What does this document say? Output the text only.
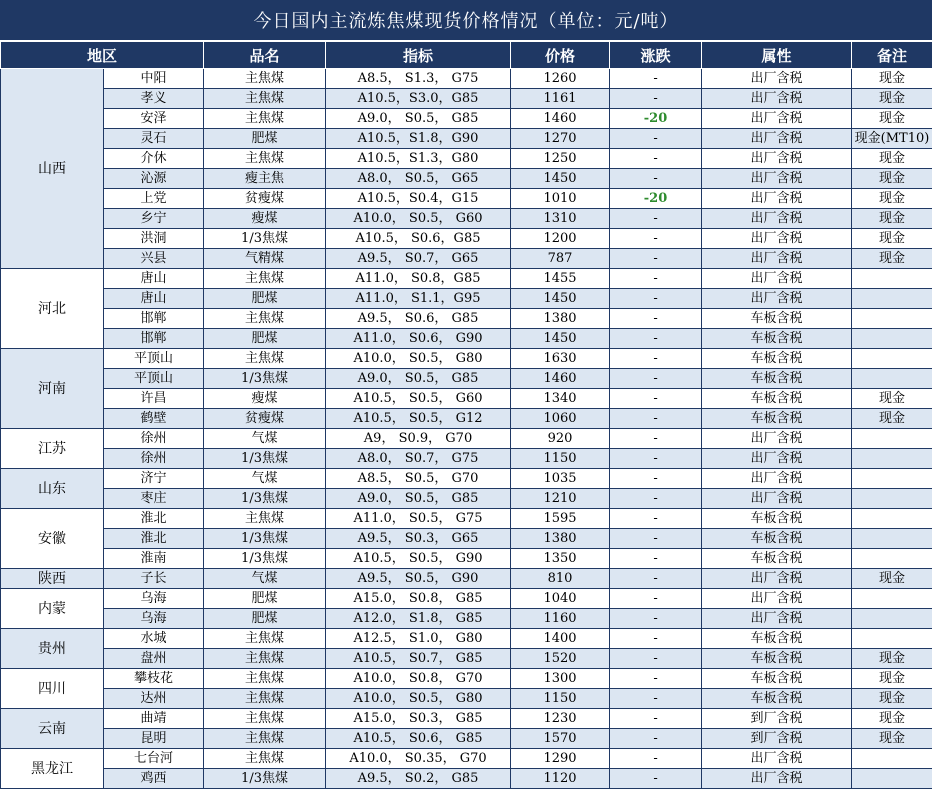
今日国内主流炼焦煤现货价格情况（单位：元/吨）
地区		品名	指标	价格	涨跌	属性	备注
山西	中阳	主焦煤	A8.5， S1.3， G75	1260	-	出厂含税	现金
	孝义	主焦煤	A10.5，S3.0，G85	1161	-	出厂含税	现金
	安泽	主焦煤	A9.0， S0.5， G85	1460	-20	出厂含税	现金
	灵石	肥煤	A10.5，S1.8，G90	1270	-	出厂含税	现金(MT10)
	介休	主焦煤	A10.5，S1.3，G80	1250	-	出厂含税	现金
	沁源	瘦主焦	A8.0， S0.5， G65	1450	-	出厂含税	现金
	上党	贫瘦煤	A10.5，S0.4，G15	1010	-20	出厂含税	现金
	乡宁	瘦煤	A10.0， S0.5， G60	1310	-	出厂含税	现金
	洪洞	1/3焦煤	A10.5， S0.6，G85	1200	-	出厂含税	现金
	兴县	气精煤	A9.5， S0.7， G65	787	-	出厂含税	现金
河北	唐山	主焦煤	A11.0， S0.8，G85	1455	-	出厂含税	
	唐山	肥煤	A11.0， S1.1，G95	1450	-	出厂含税	
	邯郸	主焦煤	A9.5， S0.6， G85	1380	-	车板含税	
	邯郸	肥煤	A11.0， S0.6， G90	1450	-	车板含税	
河南	平顶山	主焦煤	A10.0， S0.5， G80	1630	-	车板含税	
	平顶山	1/3焦煤	A9.0， S0.5， G85	1460	-	车板含税	
	许昌	瘦煤	A10.5， S0.5， G60	1340	-	车板含税	现金
	鹤壁	贫瘦煤	A10.5， S0.5， G12	1060	-	车板含税	现金
江苏	徐州	气煤	A9， S0.9， G70	920	-	出厂含税	
	徐州	1/3焦煤	A8.0， S0.7， G75	1150	-	出厂含税	
山东	济宁	气煤	A8.5， S0.5， G70	1035	-	出厂含税	
	枣庄	1/3焦煤	A9.0， S0.5， G85	1210	-	出厂含税	
安徽	淮北	主焦煤	A11.0， S0.5， G75	1595	-	车板含税	
	淮北	1/3焦煤	A9.5， S0.3， G65	1380	-	车板含税	
	淮南	1/3焦煤	A10.5， S0.5， G90	1350	-	车板含税	
陕西	子长	气煤	A9.5， S0.5， G90	810	-	出厂含税	现金
内蒙	乌海	肥煤	A15.0， S0.8， G85	1040	-	出厂含税	
	乌海	肥煤	A12.0， S1.8， G85	1160	-	出厂含税	
贵州	水城	主焦煤	A12.5， S1.0， G80	1400	-	车板含税	
	盘州	主焦煤	A10.5， S0.7， G85	1520	-	车板含税	现金
四川	攀枝花	主焦煤	A10.0， S0.8， G70	1300	-	车板含税	现金
	达州	主焦煤	A10.0， S0.5， G80	1150	-	车板含税	现金
云南	曲靖	主焦煤	A15.0， S0.3， G85	1230	-	到厂含税	现金
	昆明	主焦煤	A10.5， S0.6， G85	1570	-	到厂含税	现金
黑龙江	七台河	主焦煤	A10.0， S0.35， G70	1290	-	出厂含税	
	鸡西	1/3焦煤	A9.5， S0.2， G85	1120	-	出厂含税	
